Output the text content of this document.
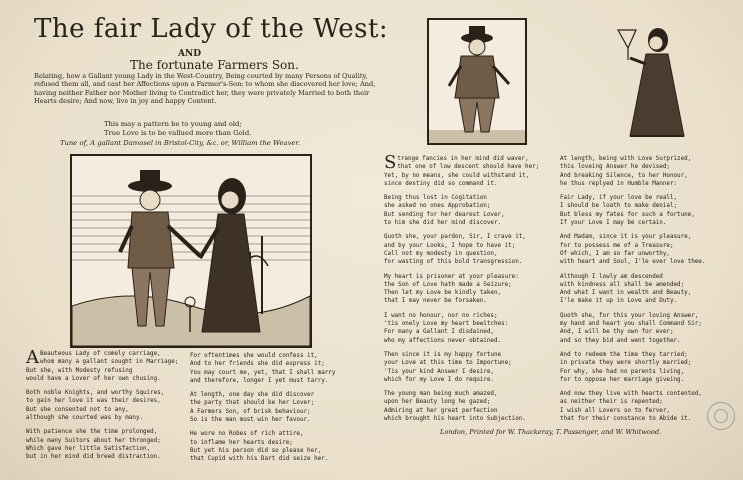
The fair Lady of the West:
AND
The fortunate Farmers Son.
Relating, how a Gallant young Lady in the West-Country, Being courted by many Persons of Quality, refused them all, and cast her Affections upon a Farmer's-Son; to whom she discovered her love; And, having neither Father nor Mother living to Contradict her, they were privately Married to both their Hearts desire; And now, live in joy and happy Content.
This may a pattern be to young and old;
True Love is to be vallued more than Gold.
Tune of, A gallant Damosel in Bristol-City, &c. or, William the Weaver.
A Beauteous Lady of comely carriage,
whom many a gallant sought in Marriage;
But she, with Modesty refusing
would have a Lover of her own chusing.
Both noble Knights, and worthy Squires,
to gain her love it was their desires,
But she consented not to any,
although she courted was by many.
With patience she the time prolonged,
while many Suitors about her thronged;
Which gave her little Satisfaction,
but in her mind did breed distraction.
For oftentimes she would confess it,
And to her friends she did express it;
You may court me, yet, that I shall marry
and therefore, longer I yet must tarry.
At length, one day she did discover
the party that should be her Lover;
A Farmers Son, of brisk behaviour;
So is the man must win her favour.
He wore no Robes of rich attire,
to inflame her hearts desire;
But yet his person did so please her,
that Cupid with his Dart did seize her.
S trange fancies in her mind did waver,
that one of low descent should have her;
Yet, by no means, she could withstand it,
since destiny did so command it.
Being thus lost in Cogitation
she asked no ones Approbation;
But sending for her dearest Lover,
to him she did her mind discover.
Quoth she, your pardon, Sir, I crave it,
and by your Looks, I hope to have it;
Call not my modesty in question,
for wasting of this bold transgression.
My heart is prisoner at your pleasure:
the Son of Love hath made a Seizure;
Then let my Love be kindly taken,
that I may never be forsaken.
I want no honour, nor no riches;
'tis onely Love my heart bewitches:
For many a Gallant I disdained,
who my affections never obtained.
Then since it is my happy fortune
your Love at this time to Importune;
'Tis your kind Answer I desire,
which for my Love I do require.
The young man being much amazed,
upon her Beauty long he gazed;
Admiring at her great perfection
which brought his heart into Subjection.
At length, being with Love Surprized,
this loveing Answer he devised;
And breaking Silence, to her Honour,
he thus replyed in Humble Manner:
Fair Lady, if your love be reall,
I should be loath to make denial;
But bless my fates for such a fortune,
If your Love I may be certain.
And Madam, since it is your pleasure,
for to possess me of a Treasure;
Of which, I am so far unworthy,
with heart and Soul, I'le ever love thee.
Although I lowly am descended
with kindness all shall be amended;
And what I want in wealth and Beauty,
I'le make it up in Love and Duty.
Quoth she, for this your loving Answer,
my hand and heart you shall Command Sir;
And, I will be thy own for ever;
and so they bid and went together.
And to redeem the time they tarried;
in private they were shortly married;
For why, she had no parents living,
for to oppose her marriage giveing.
And now they live with hearts contented,
as neither their is repented;
I wish all Lovers so to ferver,
that for their constance to Abide it.
London, Printed for W. Thackeray, T. Passenger, and W. Whitwood.
